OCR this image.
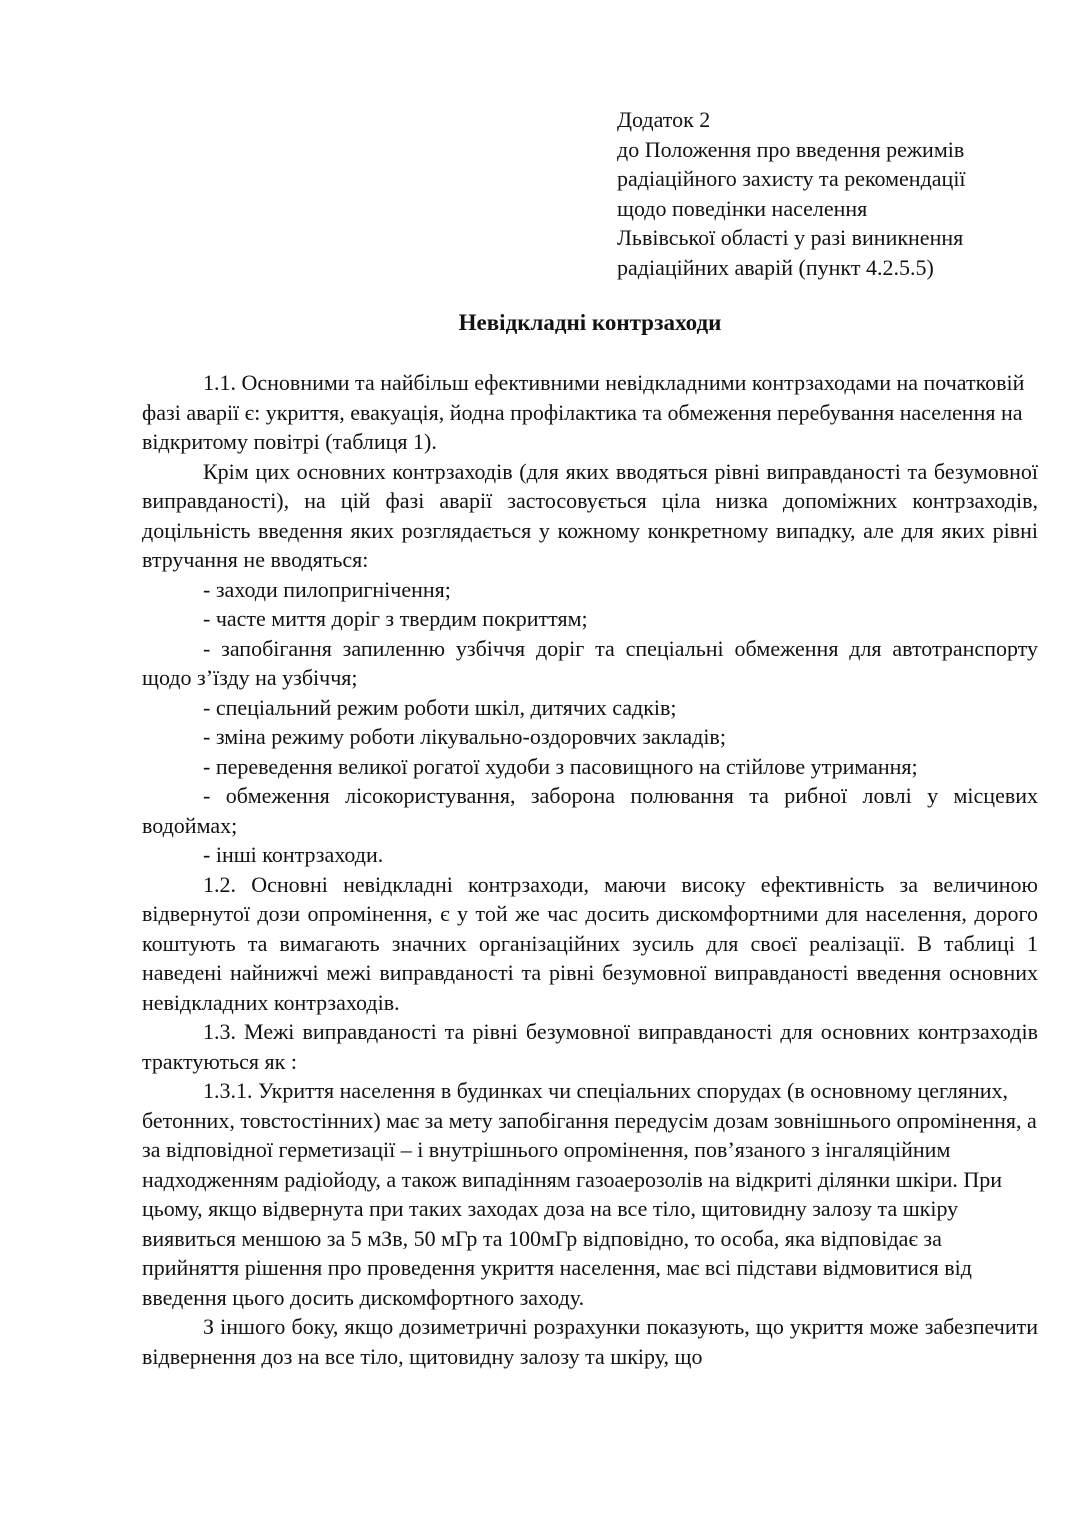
Додаток 2
до Положення про введення режимів
радіаційного захисту та рекомендації
щодо поведінки населення
Львівської області у разі виникнення
радіаційних аварій (пункт 4.2.5.5)
Невідкладні контрзаходи

1.1. Основними та найбільш ефективними невідкладними контрзаходами на початковій фазі аварії є: укриття, евакуація, йодна профілактика та обмеження перебування населення на відкритому повітрі (таблиця 1).

Крім цих основних контрзаходів (для яких вводяться рівні виправданості та безумовної виправданості), на цій фазі аварії застосовується ціла низка допоміжних контрзаходів, доцільність введення яких розглядається у кожному конкретному випадку, але для яких рівні втручання не вводяться:

- заходи пилопригнічення;

- часте миття доріг з твердим покриттям;

- запобігання запиленню узбіччя доріг та спеціальні обмеження для автотранспорту щодо з’їзду на узбіччя;

- спеціальний режим роботи шкіл, дитячих садків;

- зміна режиму роботи лікувально-оздоровчих закладів;

- переведення великої рогатої худоби з пасовищного на стійлове утримання;

- обмеження лісокористування, заборона полювання та рибної ловлі у місцевих водоймах;

- інші контрзаходи.

1.2. Основні невідкладні контрзаходи, маючи високу ефективність за величиною відвернутої дози опромінення, є у той же час досить дискомфортними для населення, дорого коштують та вимагають значних організаційних зусиль для своєї реалізації. В таблиці 1 наведені найнижчі межі виправданості та рівні безумовної виправданості введення основних невідкладних контрзаходів.

1.3. Межі виправданості та рівні безумовної виправданості для основних контрзаходів трактуються як :

1.3.1. Укриття населення в будинках чи спеціальних спорудах (в основному цегляних, бетонних, товстостінних) має за мету запобігання передусім дозам зовнішнього опромінення, а за відповідної герметизації – і внутрішнього опромінення, пов’язаного з інгаляційним надходженням радіойоду, а також випадінням газоаерозолів на відкриті ділянки шкіри. При цьому, якщо відвернута при таких заходах доза на все тіло, щитовидну залозу та шкіру виявиться меншою за 5 мЗв, 50 мГр та 100мГр відповідно, то особа, яка відповідає за прийняття рішення про проведення укриття населення, має всі підстави відмовитися від введення цього досить дискомфортного заходу.

З іншого боку, якщо дозиметричні розрахунки показують, що укриття може забезпечити відвернення доз на все тіло, щитовидну залозу та шкіру, що
